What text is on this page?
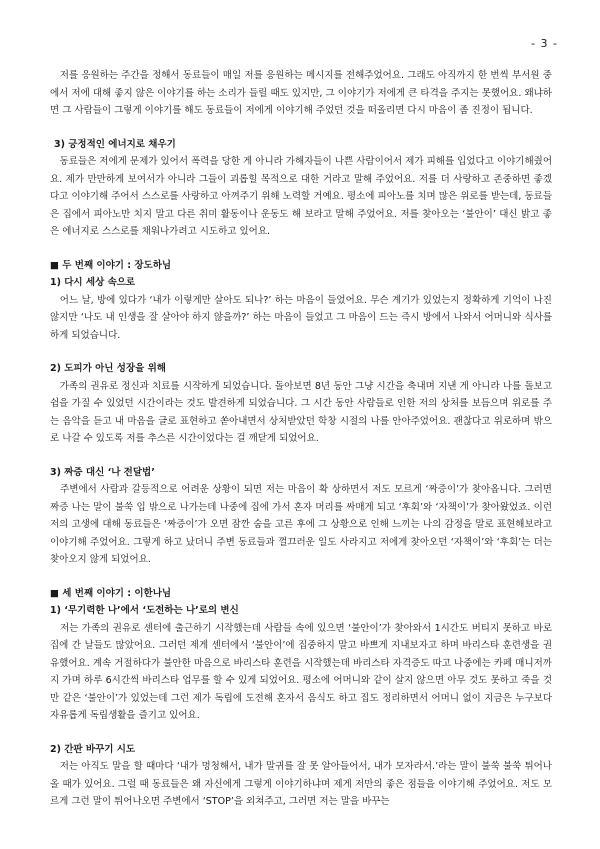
- 3 -

　저를 응원하는 주간을 정해서 동료들이 매일 저를 응원하는 메시지를 전해주었어요. 그래도 아직까지 한 번씩 부서원 중에서 저에 대해 좋지 않은 이야기를 하는 소리가 들릴 때도 있지만, 그 이야기가 저에게 큰 타격을 주지는 못했어요. 왜냐하면 그 사람들이 그렇게 이야기를 해도 동료들이 저에게 이야기해 주었던 것을 떠올리면 다시 마음이 좀 진정이 됩니다.

3) 긍정적인 에너지로 채우기

　동료들은 저에게 문제가 있어서 폭력을 당한 게 아니라 가해자들이 나쁜 사람이어서 제가 피해를 입었다고 이야기해줬어요. 제가 만만하게 보여서가 아니라 그들이 괴롭힐 목적으로 대한 거라고 말해 주었어요. 저를 더 사랑하고 존중하면 좋겠다고 이야기해 주어서 스스로를 사랑하고 아껴주기 위해 노력할 거예요. 평소에 피아노를 치며 많은 위로를 받는데, 동료들은 집에서 피아노만 치지 말고 다른 취미 활동이나 운동도 해 보라고 말해 주었어요. 저를 찾아오는 ‘불안이’ 대신 밝고 좋은 에너지로 스스로를 채워나가려고 시도하고 있어요.

■ 두 번째 이야기 : 장도하님
1) 다시 세상 속으로

　어느 날, 방에 있다가 ‘내가 이렇게만 살아도 되나?’ 하는 마음이 들었어요. 무슨 계기가 있었는지 정확하게 기억이 나진 않지만 ‘나도 내 인생을 잘 살아야 하지 않을까?’ 하는 마음이 들었고 그 마음이 드는 즉시 방에서 나와서 어머니와 식사를 하게 되었습니다.

2) 도피가 아닌 성장을 위해

　가족의 권유로 정신과 치료를 시작하게 되었습니다. 돌아보면 8년 동안 그냥 시간을 축내며 지낸 게 아니라 나를 돌보고 쉼을 가질 수 있었던 시간이라는 것도 발견하게 되었습니다. 그 시간 동안 사람들로 인한 저의 상처를 보듬으며 위로를 주는 음악을 듣고 내 마음을 글로 표현하고 쏟아내면서 상처받았던 학창 시절의 나를 안아주었어요. 괜찮다고 위로하며 밖으로 나갈 수 있도록 저를 추스른 시간이었다는 걸 깨닫게 되었어요.

3) 짜증 대신 ‘나 전달법’

　주변에서 사람과 갈등적으로 어려운 상황이 되면 저는 마음이 확 상하면서 저도 모르게 ‘짜증이’가 찾아옵니다. 그러면 짜증 나는 말이 불쑥 입 밖으로 나가는데 나중에 집에 가서 혼자 머리를 싸매게 되고 ‘후회’와 ‘자책이’가 찾아왔었죠. 이런 저의 고생에 대해 동료들은 ‘짜증이’가 오면 잠깐 숨을 고른 후에 그 상황으로 인해 느끼는 나의 감정을 말로 표현해보라고 이야기해 주었어요. 그렇게 하고 났더니 주변 동료들과 껄끄러운 일도 사라지고 저에게 찾아오던 ‘자책이’와 ‘후회’는 더는 찾아오지 않게 되었어요.

■ 세 번째 이야기 : 이한나님
1) ‘무기력한 나’에서 ‘도전하는 나’로의 변신

　저는 가족의 권유로 센터에 출근하기 시작했는데 사람들 속에 있으면 ‘불안이’가 찾아와서 1시간도 버티지 못하고 바로 집에 간 날들도 많았어요. 그러던 제게 센터에서 ‘불안이’에 집중하지 말고 바쁘게 지내보자고 하며 바리스타 훈련생을 권유했어요. 계속 거절하다가 불안한 마음으로 바리스타 훈련을 시작했는데 바리스타 자격증도 따고 나중에는 카페 매니저까지 가며 하루 6시간씩 바리스타 업무를 할 수 있게 되었어요. 평소에 어머니와 같이 살지 않으면 아무 것도 못하고 죽을 것만 같은 ‘불안이’가 있었는데 그런 제가 독립에 도전해 혼자서 음식도 하고 집도 정리하면서 어머니 없이 지금은 누구보다 자유롭게 독립생활을 즐기고 있어요.

2) 간판 바꾸기 시도

　저는 아직도 말을 할 때마다 ‘내가 멍청해서, 내가 말귀를 잘 못 알아들어서, 내가 모자라서.’라는 말이 불쑥 불쑥 튀어나올 때가 있어요. 그럴 때 동료들은 왜 자신에게 그렇게 이야기하냐며 제게 저만의 좋은 점들을 이야기해 주었어요. 저도 모르게 그런 말이 튀어나오면 주변에서 ‘STOP’을 외쳐주고, 그러면 저는 말을 바꾸는
